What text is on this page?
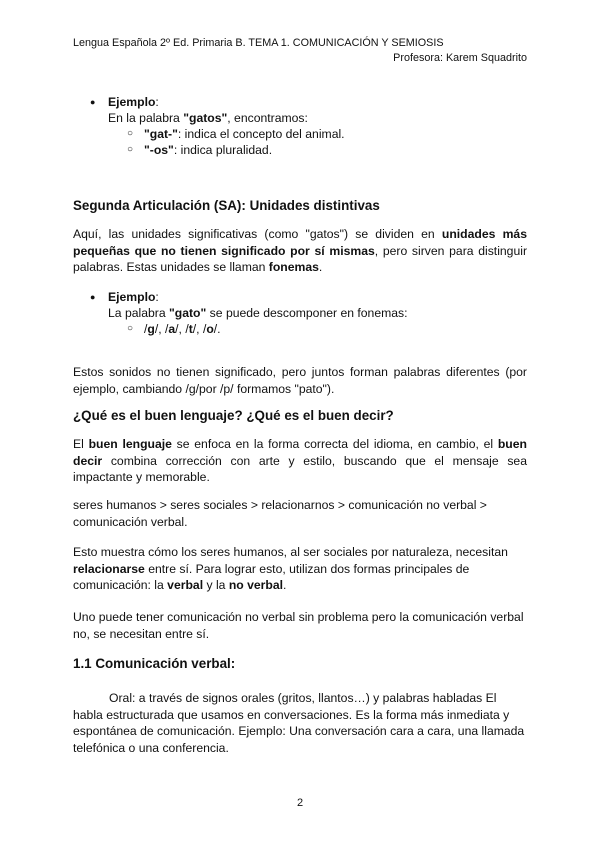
Lengua Española 2º Ed. Primaria B. TEMA 1. COMUNICACIÓN Y SEMIOSIS
Profesora: Karem Squadrito
● Ejemplo:
En la palabra "gatos", encontramos:
○ "gat-": indica el concepto del animal.
○ "-os": indica pluralidad.
Segunda Articulación (SA): Unidades distintivas
Aquí, las unidades significativas (como "gatos") se dividen en unidades más pequeñas que no tienen significado por sí mismas, pero sirven para distinguir palabras. Estas unidades se llaman fonemas.
● Ejemplo:
La palabra "gato" se puede descomponer en fonemas:
○ /g/, /a/, /t/, /o/.
Estos sonidos no tienen significado, pero juntos forman palabras diferentes (por ejemplo, cambiando /g/por /p/ formamos "pato").
¿Qué es el buen lenguaje? ¿Qué es el buen decir?
El buen lenguaje se enfoca en la forma correcta del idioma, en cambio, el buen decir combina corrección con arte y estilo, buscando que el mensaje sea impactante y memorable.
seres humanos > seres sociales > relacionarnos > comunicación no verbal > comunicación verbal.
Esto muestra cómo los seres humanos, al ser sociales por naturaleza, necesitan relacionarse entre sí. Para lograr esto, utilizan dos formas principales de comunicación: la verbal y la no verbal.
Uno puede tener comunicación no verbal sin problema pero la comunicación verbal no, se necesitan entre sí.
1.1 Comunicación verbal:
Oral: a través de signos orales (gritos, llantos…) y palabras habladas El habla estructurada que usamos en conversaciones. Es la forma más inmediata y espontánea de comunicación. Ejemplo: Una conversación cara a cara, una llamada telefónica o una conferencia.
2
